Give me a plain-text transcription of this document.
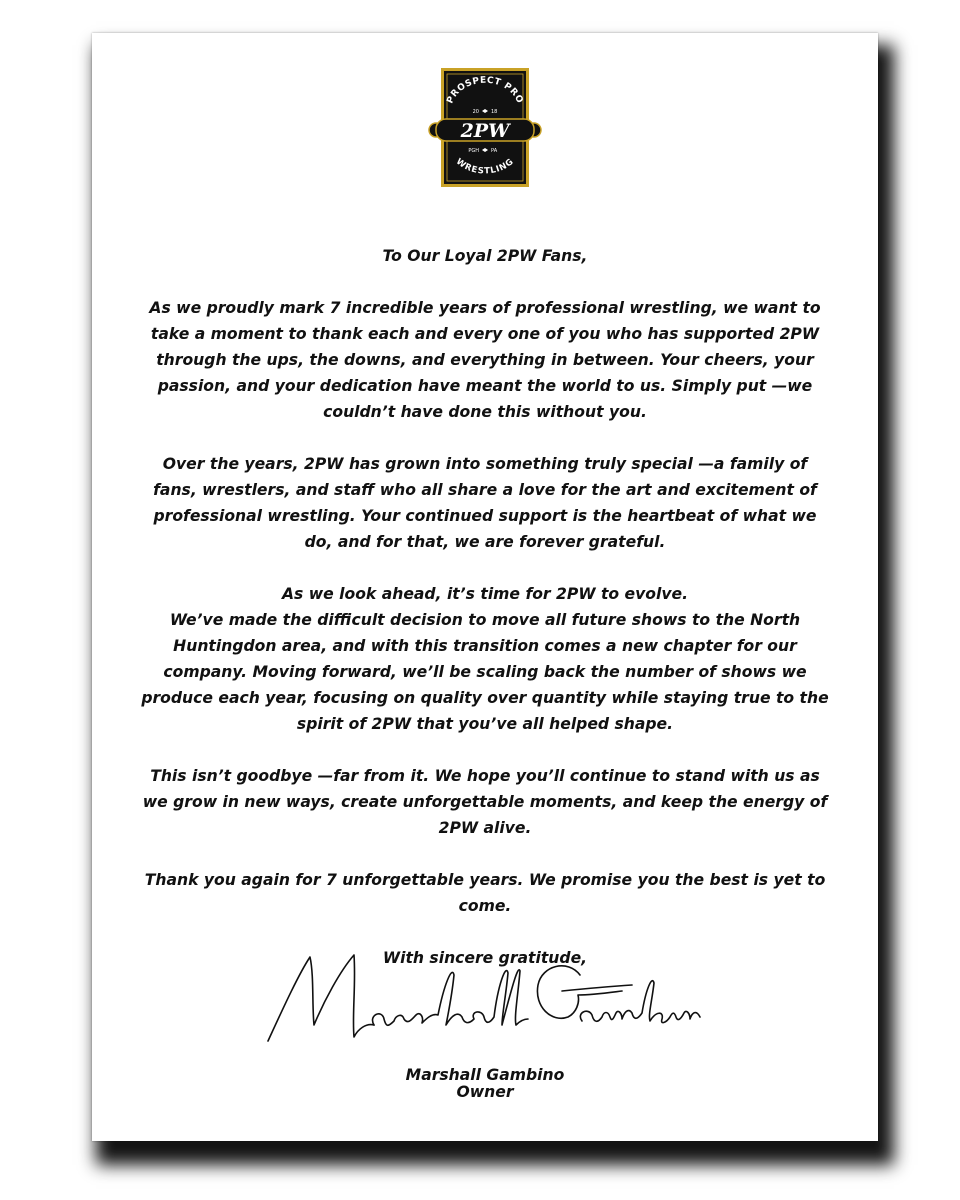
PROSPECT PRO
20 18
2PW
PGH PA
WRESTLING

To Our Loyal 2PW Fans,

As we proudly mark 7 incredible years of professional wrestling, we want to
take a moment to thank each and every one of you who has supported 2PW
through the ups, the downs, and everything in between. Your cheers, your
passion, and your dedication have meant the world to us. Simply put —we
couldn’t have done this without you.

Over the years, 2PW has grown into something truly special —a family of
fans, wrestlers, and staff who all share a love for the art and excitement of
professional wrestling. Your continued support is the heartbeat of what we
do, and for that, we are forever grateful.

As we look ahead, it’s time for 2PW to evolve.
We’ve made the difficult decision to move all future shows to the North
Huntingdon area, and with this transition comes a new chapter for our
company. Moving forward, we’ll be scaling back the number of shows we
produce each year, focusing on quality over quantity while staying true to the
spirit of 2PW that you’ve all helped shape.

This isn’t goodbye —far from it. We hope you’ll continue to stand with us as
we grow in new ways, create unforgettable moments, and keep the energy of
2PW alive.

Thank you again for 7 unforgettable years. We promise you the best is yet to
come.

With sincere gratitude,

Marshall Gambino
Owner
